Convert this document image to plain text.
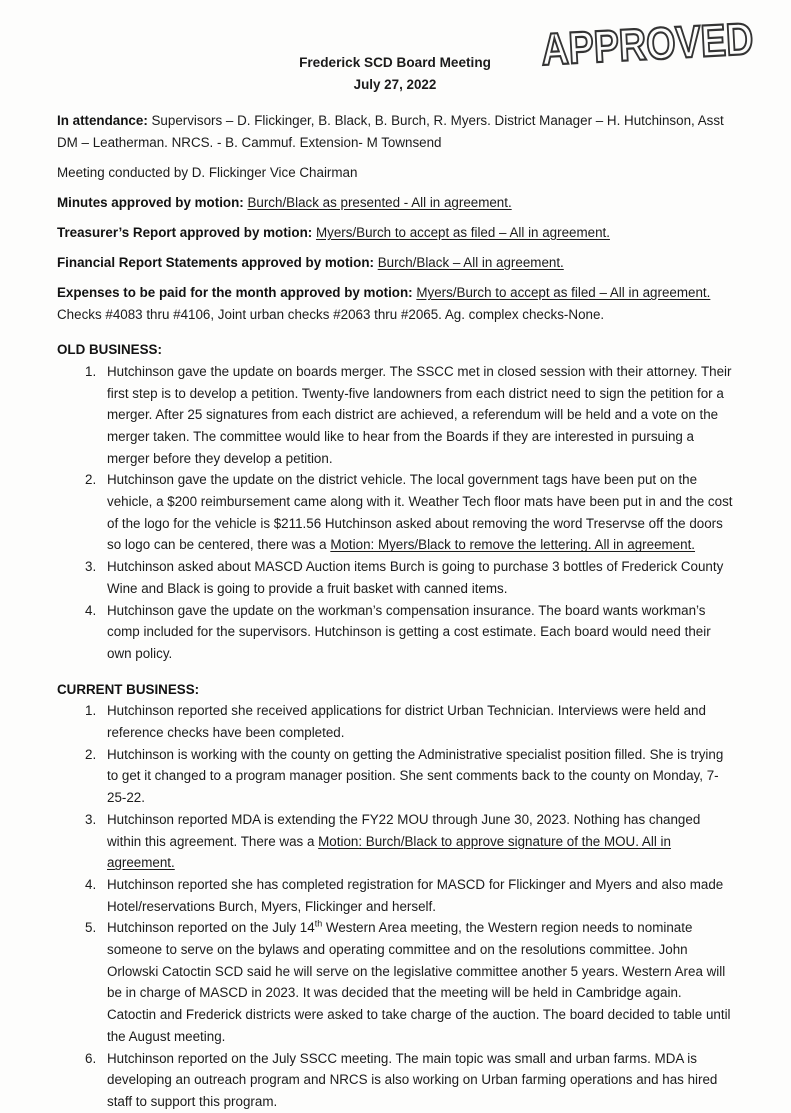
APPROVED
Frederick SCD Board Meeting
July 27, 2022

In attendance: Supervisors – D. Flickinger, B. Black, B. Burch, R. Myers. District Manager – H. Hutchinson, Asst DM – Leatherman. NRCS. - B. Cammuf. Extension- M Townsend

Meeting conducted by D. Flickinger Vice Chairman

Minutes approved by motion: Burch/Black as presented - All in agreement.

Treasurer’s Report approved by motion: Myers/Burch to accept as filed – All in agreement.

Financial Report Statements approved by motion: Burch/Black – All in agreement.

Expenses to be paid for the month approved by motion: Myers/Burch to accept as filed – All in agreement.
Checks #4083 thru #4106, Joint urban checks #2063 thru #2065. Ag. complex checks-None.

OLD BUSINESS:
1. Hutchinson gave the update on boards merger. The SSCC met in closed session with their attorney. Their first step is to develop a petition. Twenty-five landowners from each district need to sign the petition for a merger. After 25 signatures from each district are achieved, a referendum will be held and a vote on the merger taken. The committee would like to hear from the Boards if they are interested in pursuing a merger before they develop a petition.
2. Hutchinson gave the update on the district vehicle. The local government tags have been put on the vehicle, a $200 reimbursement came along with it. Weather Tech floor mats have been put in and the cost of the logo for the vehicle is $211.56 Hutchinson asked about removing the word Treservse off the doors so logo can be centered, there was a Motion: Myers/Black to remove the lettering. All in agreement.
3. Hutchinson asked about MASCD Auction items Burch is going to purchase 3 bottles of Frederick County Wine and Black is going to provide a fruit basket with canned items.
4. Hutchinson gave the update on the workman’s compensation insurance. The board wants workman’s comp included for the supervisors. Hutchinson is getting a cost estimate. Each board would need their own policy.
CURRENT BUSINESS:
1. Hutchinson reported she received applications for district Urban Technician. Interviews were held and reference checks have been completed.
2. Hutchinson is working with the county on getting the Administrative specialist position filled. She is trying to get it changed to a program manager position. She sent comments back to the county on Monday, 7-25-22.
3. Hutchinson reported MDA is extending the FY22 MOU through June 30, 2023. Nothing has changed within this agreement. There was a Motion: Burch/Black to approve signature of the MOU. All in agreement.
4. Hutchinson reported she has completed registration for MASCD for Flickinger and Myers and also made Hotel/reservations Burch, Myers, Flickinger and herself.
5. Hutchinson reported on the July 14th Western Area meeting, the Western region needs to nominate someone to serve on the bylaws and operating committee and on the resolutions committee. John Orlowski Catoctin SCD said he will serve on the legislative committee another 5 years. Western Area will be in charge of MASCD in 2023. It was decided that the meeting will be held in Cambridge again. Catoctin and Frederick districts were asked to take charge of the auction. The board decided to table until the August meeting.
6. Hutchinson reported on the July SSCC meeting. The main topic was small and urban farms. MDA is developing an outreach program and NRCS is also working on Urban farming operations and has hired staff to support this program.
